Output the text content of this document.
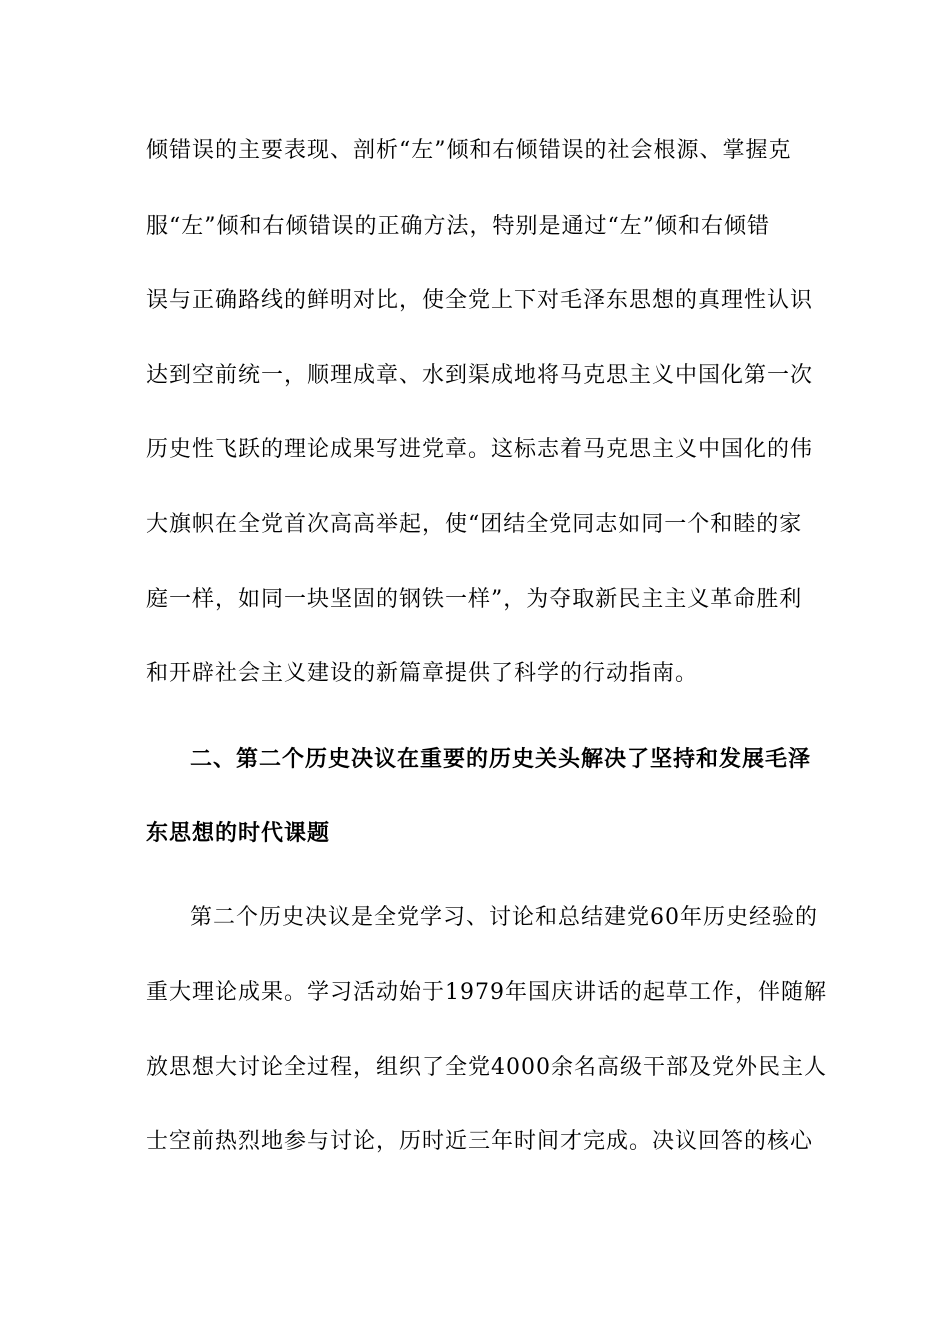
倾错误的主要表现、剖析“左”倾和右倾错误的社会根源、掌握克
服“左”倾和右倾错误的正确方法，特别是通过“左”倾和右倾错
误与正确路线的鲜明对比，使全党上下对毛泽东思想的真理性认识
达到空前统一，顺理成章、水到渠成地将马克思主义中国化第一次
历史性飞跃的理论成果写进党章。这标志着马克思主义中国化的伟
大旗帜在全党首次高高举起，使“团结全党同志如同一个和睦的家
庭一样，如同一块坚固的钢铁一样”，为夺取新民主主义革命胜利
和开辟社会主义建设的新篇章提供了科学的行动指南。
二、第二个历史决议在重要的历史关头解决了坚持和发展毛泽
东思想的时代课题
第二个历史决议是全党学习、讨论和总结建党60年历史经验的
重大理论成果。学习活动始于1979年国庆讲话的起草工作，伴随解
放思想大讨论全过程，组织了全党4000余名高级干部及党外民主人
士空前热烈地参与讨论，历时近三年时间才完成。决议回答的核心
